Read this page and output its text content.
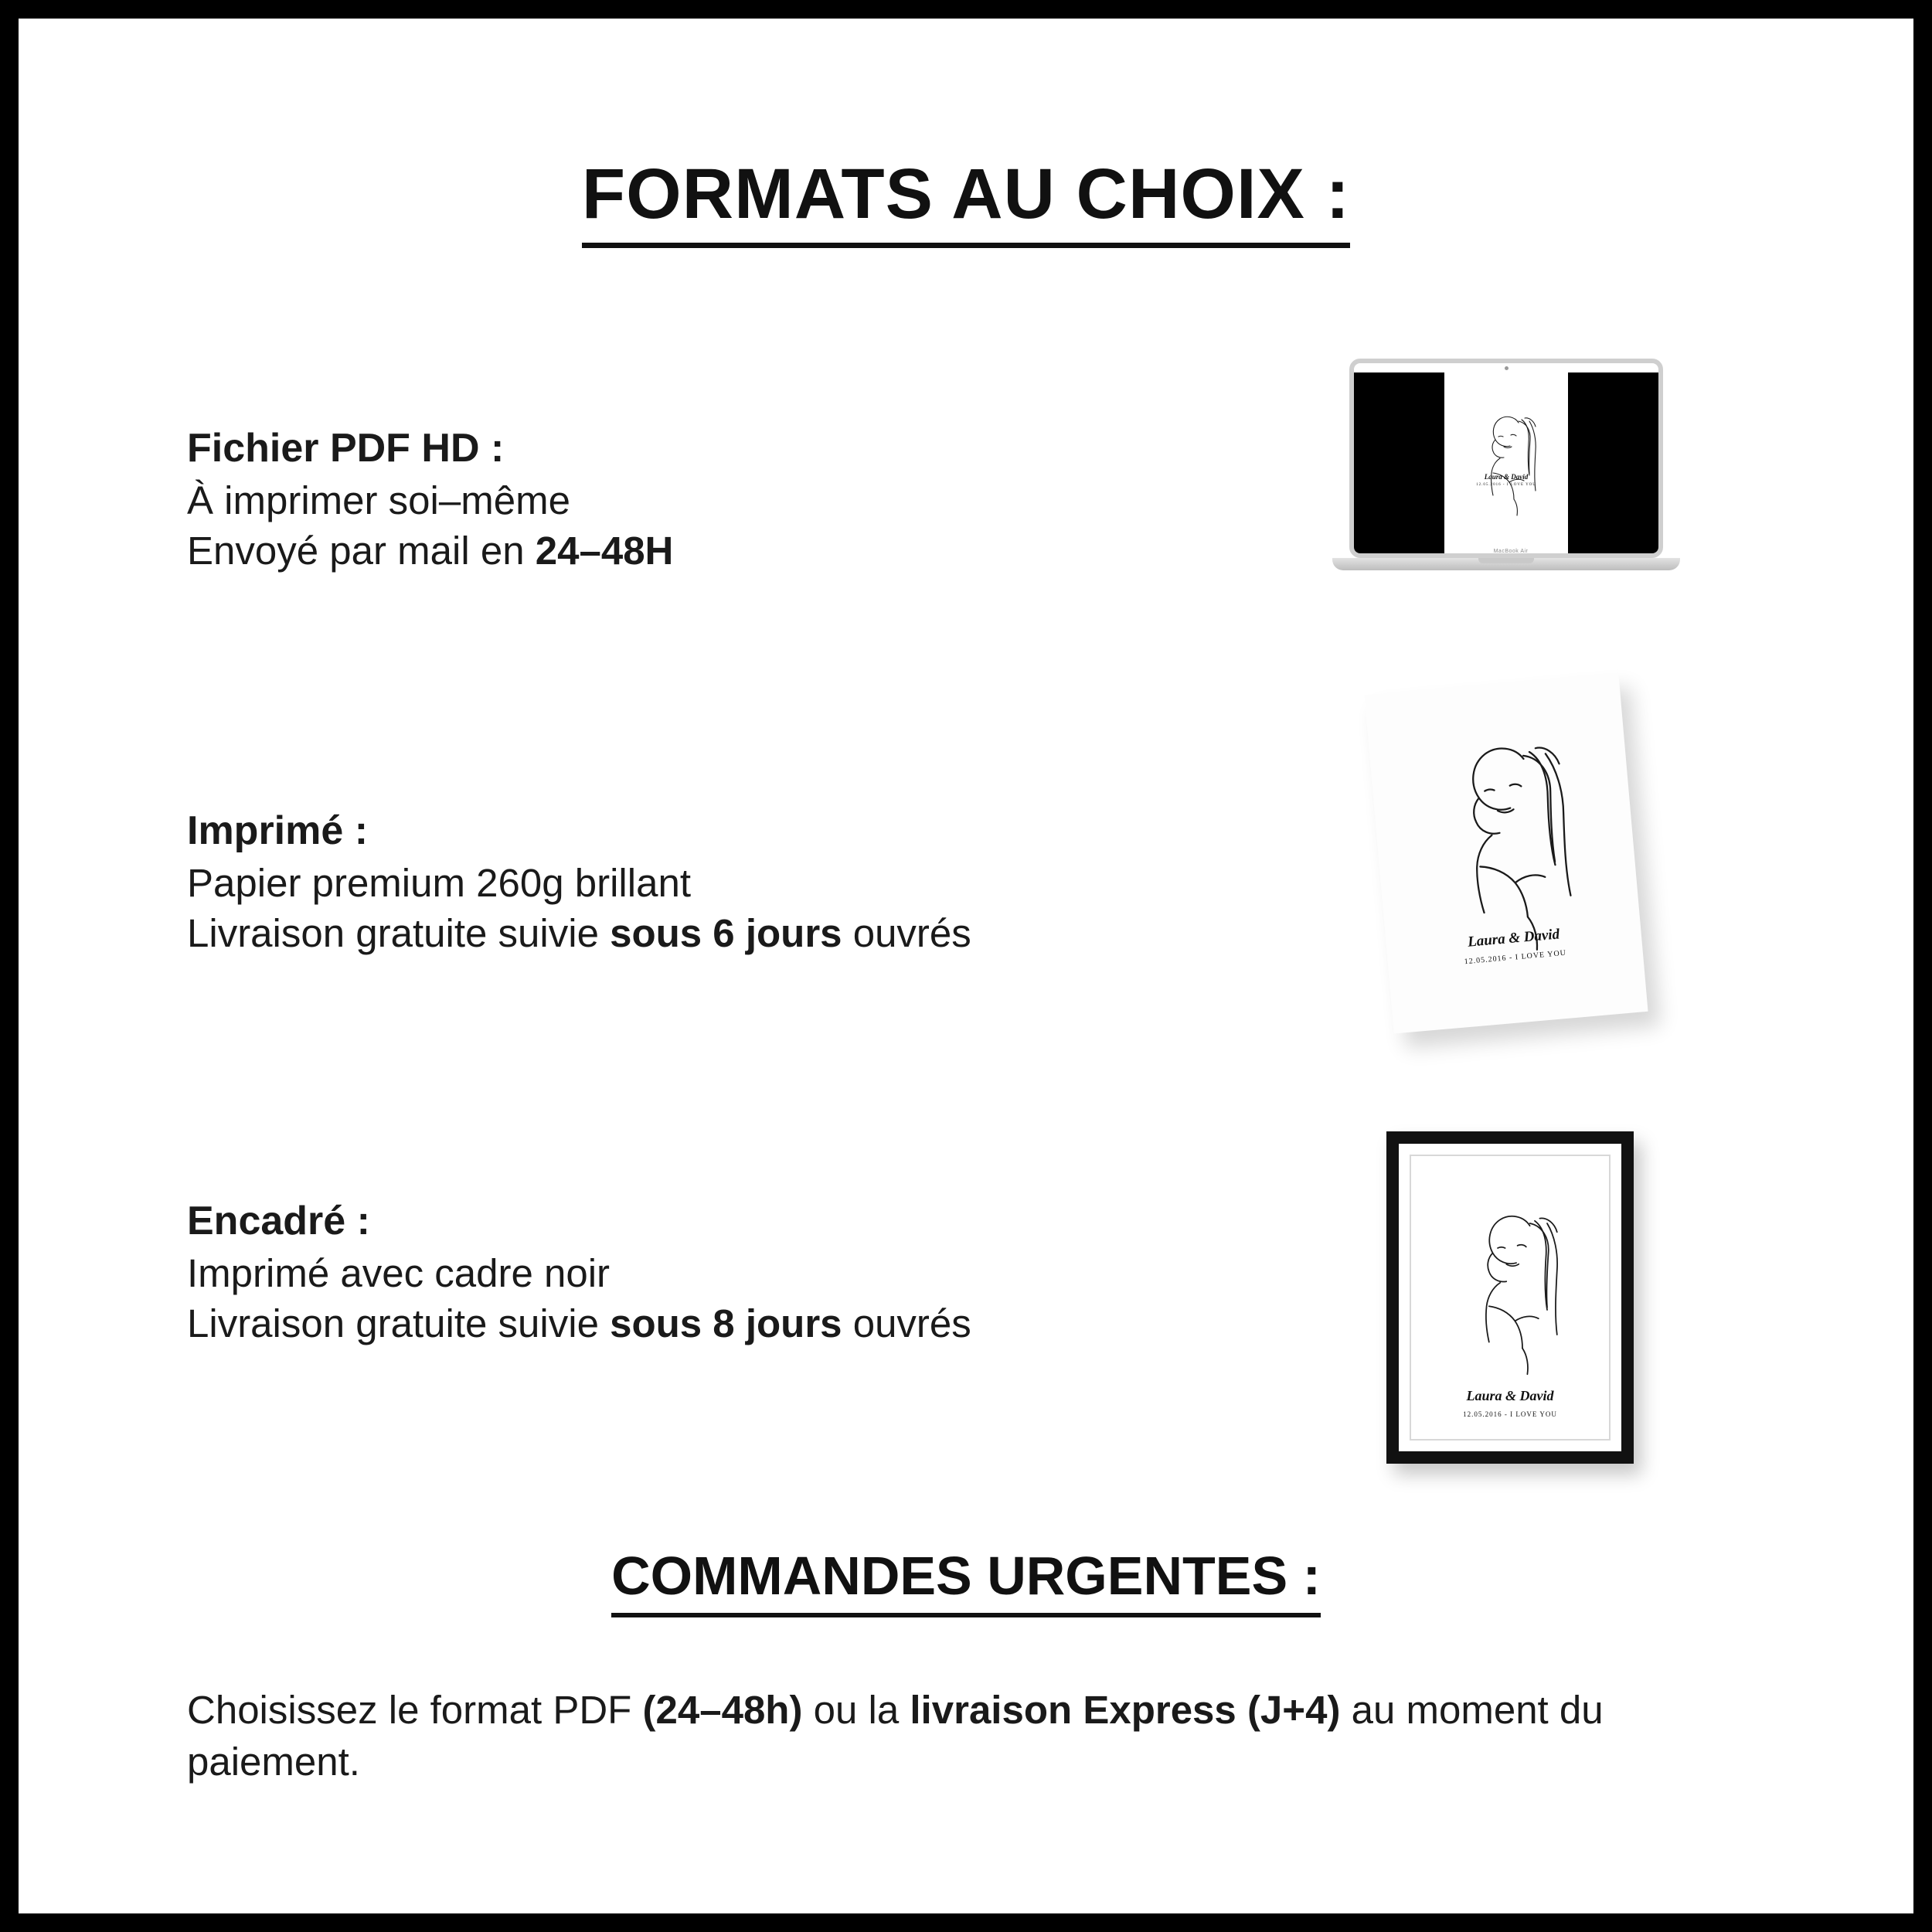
FORMATS AU CHOIX :
Fichier PDF HD :
À imprimer soi–même
Envoyé par mail en 24–48H
Imprimé :
Papier premium 260g brillant
Livraison gratuite suivie sous 6 jours ouvrés
Encadré :
Imprimé avec cadre noir
Livraison gratuite suivie sous 8 jours ouvrés
COMMANDES URGENTES :
Choisissez le format PDF (24–48h) ou la livraison Express (J+4) au moment du paiement.
Laura & David
12.05.2016 - I LOVE YOU
MacBook Air
Laura & David
12.05.2016 - I LOVE YOU
Laura & David
12.05.2016 - I LOVE YOU
